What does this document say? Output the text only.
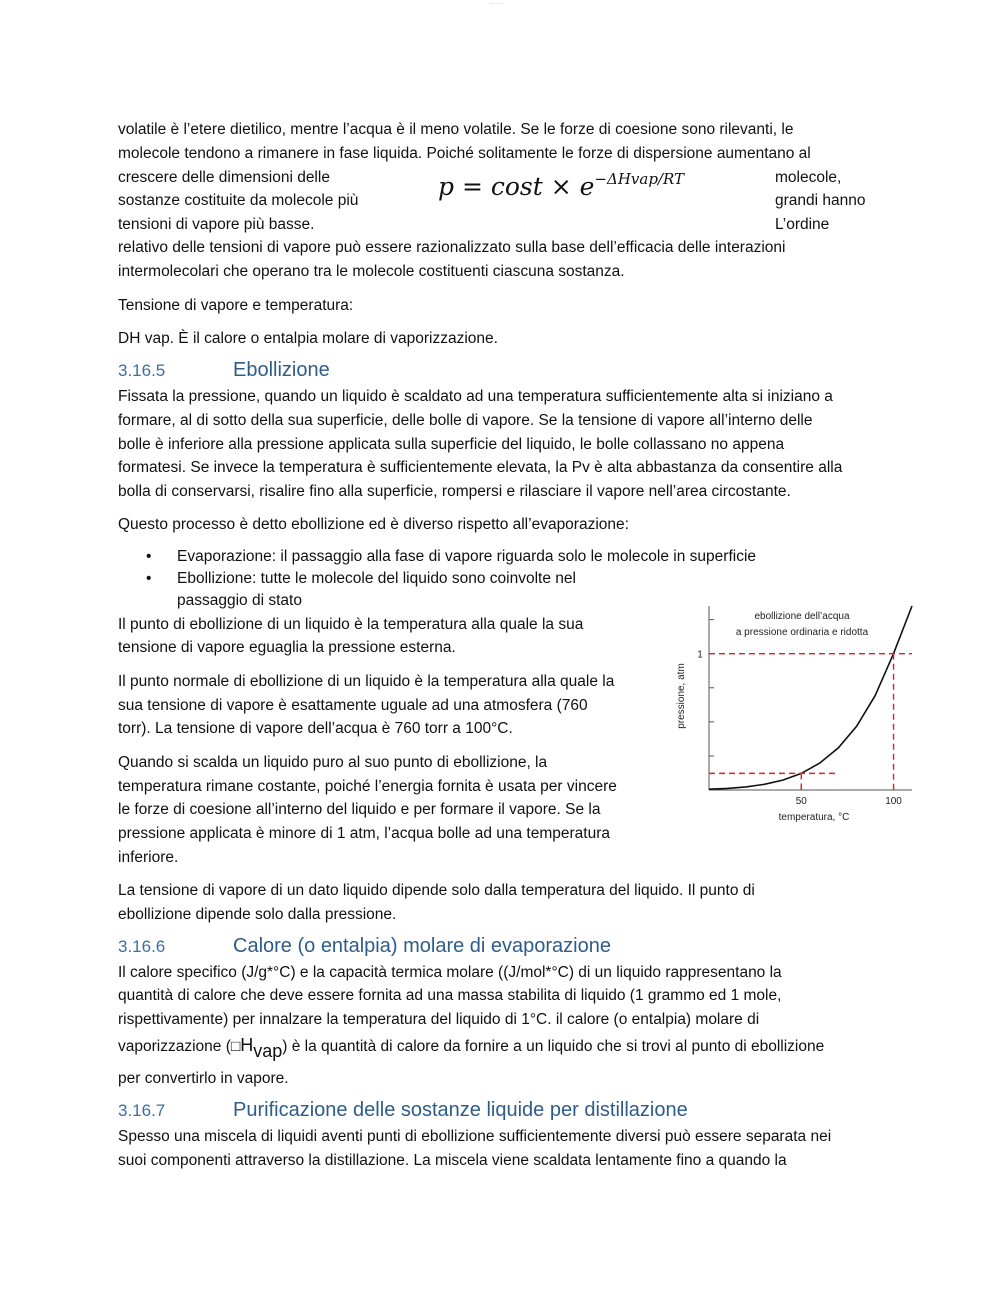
— — —
volatile è l’etere dietilico, mentre l’acqua è il meno volatile. Se le forze di coesione sono rilevanti, le
molecole tendono a rimanere in fase liquida. Poiché solitamente le forze di dispersione aumentano al
crescere delle dimensioni delle	molecole,
sostanze costituite da molecole più	grandi hanno
tensioni di vapore più basse.	L’ordine
relativo delle tensioni di vapore può essere razionalizzato sulla base dell’efficacia delle interazioni
intermolecolari che operano tra le molecole costituenti ciascuna sostanza.
$p = \cos t \times e^{-\Delta Hvap/RT}$
Tensione di vapore e temperatura:
DH vap. È il calore o entalpia molare di vaporizzazione.
3.16.5	Ebollizione
Fissata la pressione, quando un liquido è scaldato ad una temperatura sufficientemente alta si iniziano a
formare, al di sotto della sua superficie, delle bolle di vapore. Se la tensione di vapore all’interno delle
bolle è inferiore alla pressione applicata sulla superficie del liquido, le bolle collassano no appena
formatesi. Se invece la temperatura è sufficientemente elevata, la Pv è alta abbastanza da consentire alla
bolla di conservarsi, risalire fino alla superficie, rompersi e rilasciare il vapore nell’area circostante.
Questo processo è detto ebollizione ed è diverso rispetto all’evaporazione:
• Evaporazione: il passaggio alla fase di vapore riguarda solo le molecole in superficie
• Ebollizione: tutte le molecole del liquido sono coinvolte nel
passaggio di stato
Il punto di ebollizione di un liquido è la temperatura alla quale la sua
tensione di vapore eguaglia la pressione esterna.
Il punto normale di ebollizione di un liquido è la temperatura alla quale la
sua tensione di vapore è esattamente uguale ad una atmosfera (760
torr). La tensione di vapore dell’acqua è 760 torr a 100°C.
Quando si scalda un liquido puro al suo punto di ebollizione, la
temperatura rimane costante, poiché l’energia fornita è usata per vincere
le forze di coesione all’interno del liquido e per formare il vapore. Se la
pressione applicata è minore di 1 atm, l’acqua bolle ad una temperatura
inferiore.
La tensione di vapore di un dato liquido dipende solo dalla temperatura del liquido. Il punto di
ebollizione dipende solo dalla pressione.
ebollizione dell’acqua
a pressione ordinaria e ridotta
pressione, atm
temperatura, °C
50	100
1
3.16.6	Calore (o entalpia) molare di evaporazione
Il calore specifico (J/g*°C) e la capacità termica molare ((J/mol*°C) di un liquido rappresentano la
quantità di calore che deve essere fornita ad una massa stabilita di liquido (1 grammo ed 1 mole,
rispettivamente) per innalzare la temperatura del liquido di 1°C. il calore (o entalpia) molare di
vaporizzazione (□Hvap) è la quantità di calore da fornire a un liquido che si trovi al punto di ebollizione
per convertirlo in vapore.
3.16.7	Purificazione delle sostanze liquide per distillazione
Spesso una miscela di liquidi aventi punti di ebollizione sufficientemente diversi può essere separata nei
suoi componenti attraverso la distillazione. La miscela viene scaldata lentamente fino a quando la
